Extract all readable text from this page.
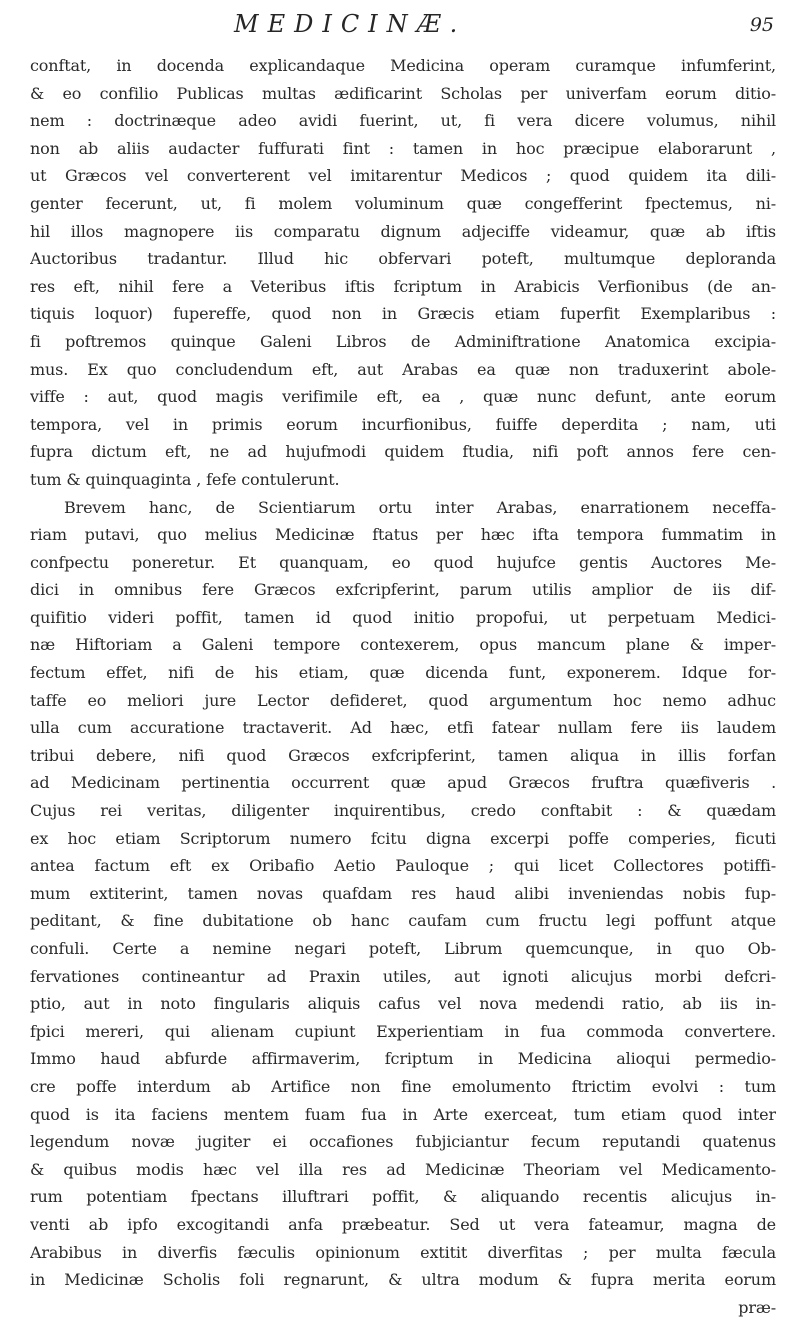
MEDICINÆ.	95
conftat, in docenda explicandaque Medicina operam curamque infumferint,
& eo confilio Publicas multas ædificarint Scholas per univerfam eorum ditio-
nem : doctrinæque adeo avidi fuerint, ut, fi vera dicere volumus, nihil
non ab aliis audacter fuffurati fint : tamen in hoc præcipue elaborarunt ,
ut Græcos vel converterent vel imitarentur Medicos ; quod quidem ita dili-
genter fecerunt, ut, fi molem voluminum quæ congefferint fpectemus, ni-
hil illos magnopere iis comparatu dignum adjeciffe videamur, quæ ab iftis
Auctoribus tradantur. Illud hic obfervari poteft, multumque deploranda
res eft, nihil fere a Veteribus iftis fcriptum in Arabicis Verfionibus (de an-
tiquis loquor) fupereffe, quod non in Græcis etiam fuperfit Exemplaribus :
fi poftremos quinque Galeni Libros de Adminiftratione Anatomica excipia-
mus. Ex quo concludendum eft, aut Arabas ea quæ non traduxerint abole-
viffe : aut, quod magis verifimile eft, ea , quæ nunc defunt, ante eorum
tempora, vel in primis eorum incurfionibus, fuiffe deperdita ; nam, uti
fupra dictum eft, ne ad hujufmodi quidem ftudia, nifi poft annos fere cen-
tum & quinquaginta , fefe contulerunt.
Brevem hanc, de Scientiarum ortu inter Arabas, enarrationem neceffa-
riam putavi, quo melius Medicinæ ftatus per hæc ifta tempora fummatim in
confpectu poneretur. Et quanquam, eo quod hujufce gentis Auctores Me-
dici in omnibus fere Græcos exfcripferint, parum utilis amplior de iis dif-
quifitio videri poffit, tamen id quod initio propofui, ut perpetuam Medici-
næ Hiftoriam a Galeni tempore contexerem, opus mancum plane & imper-
fectum effet, nifi de his etiam, quæ dicenda funt, exponerem. Idque for-
taffe eo meliori jure Lector defideret, quod argumentum hoc nemo adhuc
ulla cum accuratione tractaverit. Ad hæc, etfi fatear nullam fere iis laudem
tribui debere, nifi quod Græcos exfcripferint, tamen aliqua in illis forfan
ad Medicinam pertinentia occurrent quæ apud Græcos fruftra quæfiveris .
Cujus rei veritas, diligenter inquirentibus, credo conftabit : & quædam
ex hoc etiam Scriptorum numero fcitu digna excerpi poffe comperies, ficuti
antea factum eft ex Oribafio Aetio Pauloque ; qui licet Collectores potiffi-
mum extiterint, tamen novas quafdam res haud alibi inveniendas nobis fup-
peditant, & fine dubitatione ob hanc caufam cum fructu legi poffunt atque
confuli. Certe a nemine negari poteft, Librum quemcunque, in quo Ob-
fervationes contineantur ad Praxin utiles, aut ignoti alicujus morbi defcri-
ptio, aut in noto fingularis aliquis cafus vel nova medendi ratio, ab iis in-
fpici mereri, qui alienam cupiunt Experientiam in fua commoda convertere.
Immo haud abfurde affirmaverim, fcriptum in Medicina alioqui permedio-
cre poffe interdum ab Artifice non fine emolumento ftrictim evolvi : tum
quod is ita faciens mentem fuam fua in Arte exerceat, tum etiam quod inter
legendum novæ jugiter ei occafiones fubjiciantur fecum reputandi quatenus
& quibus modis hæc vel illa res ad Medicinæ Theoriam vel Medicamento-
rum potentiam fpectans illuftrari poffit, & aliquando recentis alicujus in-
venti ab ipfo excogitandi anfa præbeatur. Sed ut vera fateamur, magna de
Arabibus in diverfis fæculis opinionum extitit diverfitas ; per multa fæcula
in Medicinæ Scholis foli regnarunt, & ultra modum & fupra merita eorum
præ-
